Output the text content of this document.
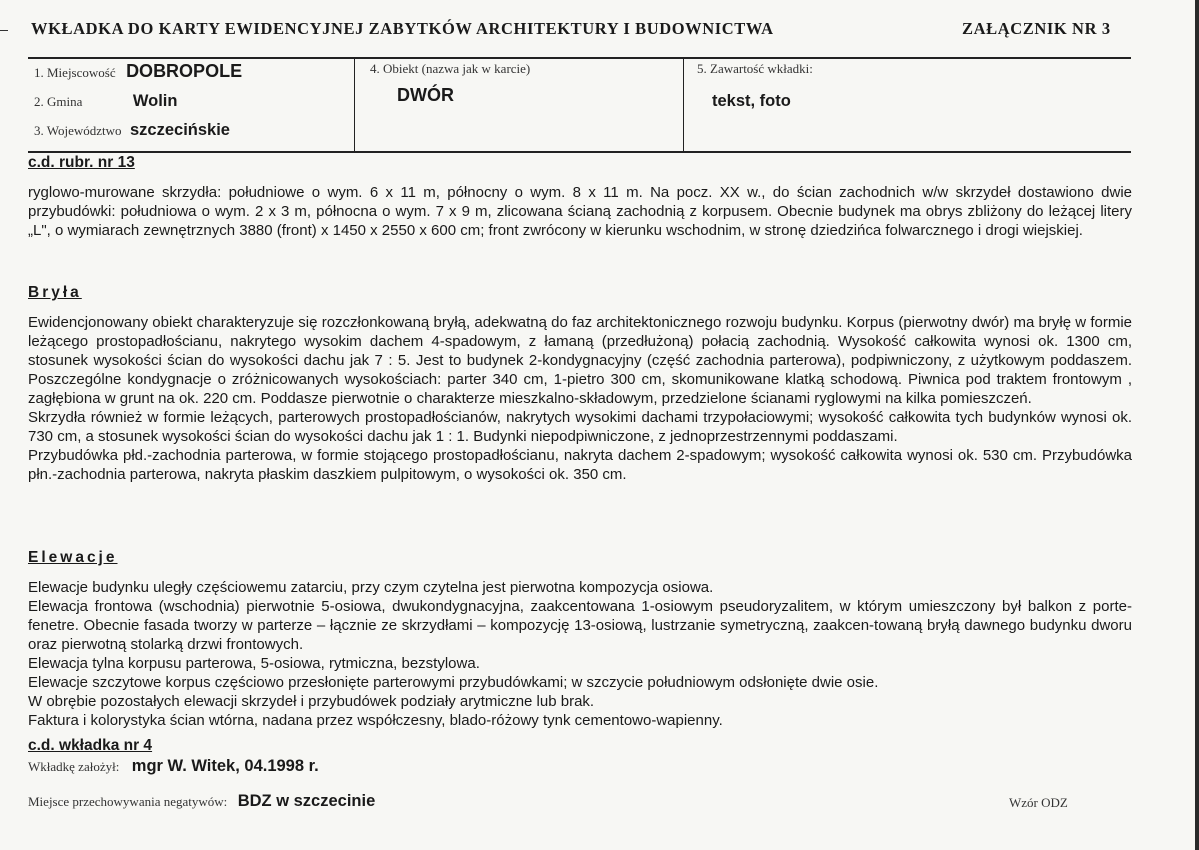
WKŁADKA DO KARTY EWIDENCYJNEJ ZABYTKÓW ARCHITEKTURY I BUDOWNICTWA	ZAŁĄCZNIK NR 3
1. Miejscowość DOBROPOLE
2. Gmina	Wolin
3. Województwo szczecińskie
4. Obiekt (nazwa jak w karcie)
DWÓR
5. Zawartość wkładki:
tekst, foto
c.d. rubr. nr 13

ryglowo-murowane skrzydła: południowe o wym. 6 x 11 m, północny o wym. 8 x 11 m. Na pocz. XX w., do ścian zachodnich w/w skrzydeł dostawiono dwie przybudówki: południowa o wym. 2 x 3 m, północna o wym. 7 x 9 m, zlicowana ścianą zachodnią z korpusem. Obecnie budynek ma obrys zbliżony do leżącej litery „L", o wymiarach zewnętrznych 3880 (front) x 1450 x 2550 x 600 cm; front zwrócony w kierunku wschodnim, w stronę dziedzińca folwarcznego i drogi wiejskiej.

Bryła

Ewidencjonowany obiekt charakteryzuje się rozczłonkowaną bryłą, adekwatną do faz architektonicznego rozwoju budynku. Korpus (pierwotny dwór) ma bryłę w formie leżącego prostopadłościanu, nakrytego wysokim dachem 4-spadowym, z łamaną (przedłużoną) połacią zachodnią. Wysokość całkowita wynosi ok. 1300 cm, stosunek wysokości ścian do wysokości dachu jak 7 : 5. Jest to budynek 2-kondygnacyjny (część zachodnia parterowa), podpiwniczony, z użytkowym poddaszem. Poszczególne kondygnacje o zróżnicowanych wysokościach: parter 340 cm, 1-pietro 300 cm, skomunikowane klatką schodową. Piwnica pod traktem frontowym , zagłębiona w grunt na ok. 220 cm. Poddasze pierwotnie o charakterze mieszkalno-składowym, przedzielone ścianami ryglowymi na kilka pomieszczeń.

Skrzydła również w formie leżących, parterowych prostopadłościanów, nakrytych wysokimi dachami trzypołaciowymi; wysokość całkowita tych budynków wynosi ok. 730 cm, a stosunek wysokości ścian do wysokości dachu jak 1 : 1. Budynki niepodpiwniczone, z jednoprzestrzennymi poddaszami.

Przybudówka płd.-zachodnia parterowa, w formie stojącego prostopadłościanu, nakryta dachem 2-spadowym; wysokość całkowita wynosi ok. 530 cm. Przybudówka płn.-zachodnia parterowa, nakryta płaskim daszkiem pulpitowym, o wysokości ok. 350 cm.

Elewacje

Elewacje budynku uległy częściowemu zatarciu, przy czym czytelna jest pierwotna kompozycja osiowa.

Elewacja frontowa (wschodnia) pierwotnie 5-osiowa, dwukondygnacyjna, zaakcentowana 1-osiowym pseudoryzalitem, w którym umieszczony był balkon z porte-fenetre. Obecnie fasada tworzy w parterze – łącznie ze skrzydłami – kompozycję 13-osiową, lustrzanie symetryczną, zaakcen-towaną bryłą dawnego budynku dworu oraz pierwotną stolarką drzwi frontowych.

Elewacja tylna korpusu parterowa, 5-osiowa, rytmiczna, bezstylowa.

Elewacje szczytowe korpus częściowo przesłonięte parterowymi przybudówkami; w szczycie południowym odsłonięte dwie osie.

W obrębie pozostałych elewacji skrzydeł i przybudówek podziały arytmiczne lub brak.

Faktura i kolorystyka ścian wtórna, nadana przez współczesny, blado-różowy tynk cementowo-wapienny.

c.d. wkładka nr 4
Wkładkę założył: mgr W. Witek, 04.1998 r.
Miejsce przechowywania negatywów: BDZ w szczecinie	Wzór ODZ
